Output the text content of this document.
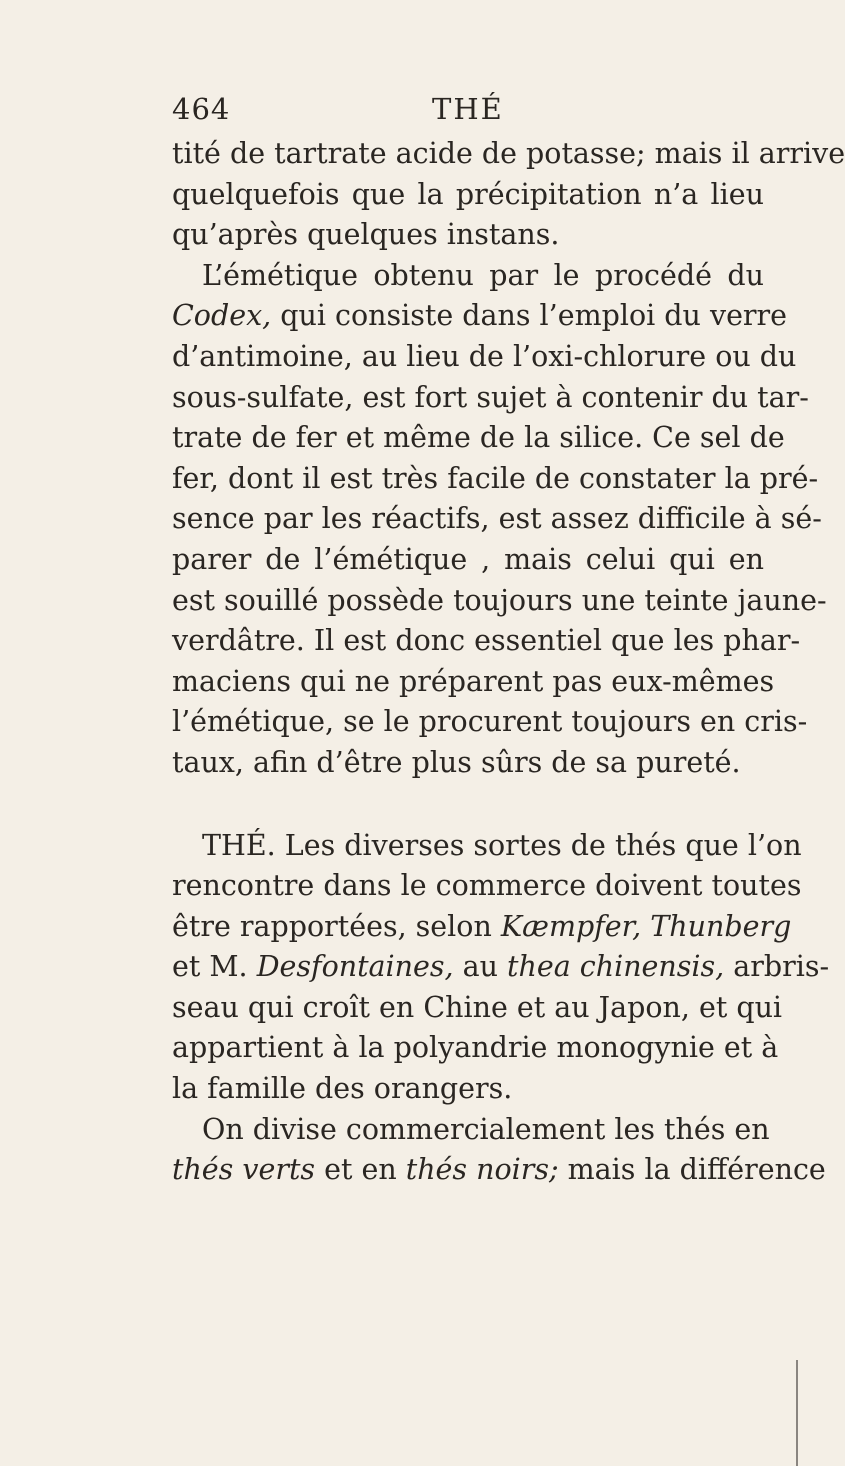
464	THÉ
tité de tartrate acide de potasse; mais il arrive
quelquefois que la précipitation n’a lieu
qu’après quelques instans.
L’émétique obtenu par le procédé du
Codex, qui consiste dans l’emploi du verre
d’antimoine, au lieu de l’oxi-chlorure ou du
sous-sulfate, est fort sujet à contenir du tar-
trate de fer et même de la silice. Ce sel de
fer, dont il est très facile de constater la pré-
sence par les réactifs, est assez difficile à sé-
parer de l’émétique , mais celui qui en
est souillé possède toujours une teinte jaune-
verdâtre. Il est donc essentiel que les phar-
maciens qui ne préparent pas eux-mêmes
l’émétique, se le procurent toujours en cris-
taux, afin d’être plus sûrs de sa pureté.
THÉ. Les diverses sortes de thés que l’on
rencontre dans le commerce doivent toutes
être rapportées, selon Kæmpfer, Thunberg
et M. Desfontaines, au thea chinensis, arbris-
seau qui croît en Chine et au Japon, et qui
appartient à la polyandrie monogynie et à
la famille des orangers.
On divise commercialement les thés en
thés verts et en thés noirs; mais la différence
